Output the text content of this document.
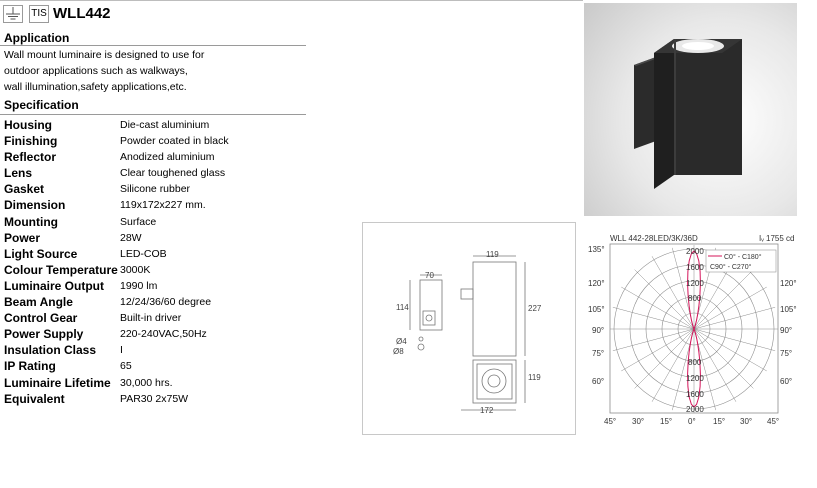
TIS WLL442
Application
Wall mount luminaire is designed to use for
outdoor applications such as walkways,
wall illumination,safety applications,etc.
Specification
Housing	Die-cast aluminium
Finishing	Powder coated in black
Reflector	Anodized aluminium
Lens	Clear toughened glass
Gasket	Silicone rubber
Dimension	119x172x227 mm.
Mounting	Surface
Power	28W
Light Source	LED-COB
Colour Temperature 3000K
Luminaire Output	1990 lm
Beam Angle	12/24/36/60 degree
Control Gear	Built-in driver
Power Supply	220-240VAC,50Hz
Insulation Class	I
IP Rating	65
Luminaire Lifetime 30,000 hrs.
Equivalent	PAR30 2x75W
70
119
114	227
Ø4
Ø8
119
172
WLL 442-28LED/3K/36D	Iᵥ 1755 cd
C0° - C180°
C90° - C270°
2000
1600
1200
800
800
1200
1600
2000
135°
120°
105°
90°
75°
60°
120°
105°
90°
75°
60°
45° 30° 15° 0° 15° 30° 45°
